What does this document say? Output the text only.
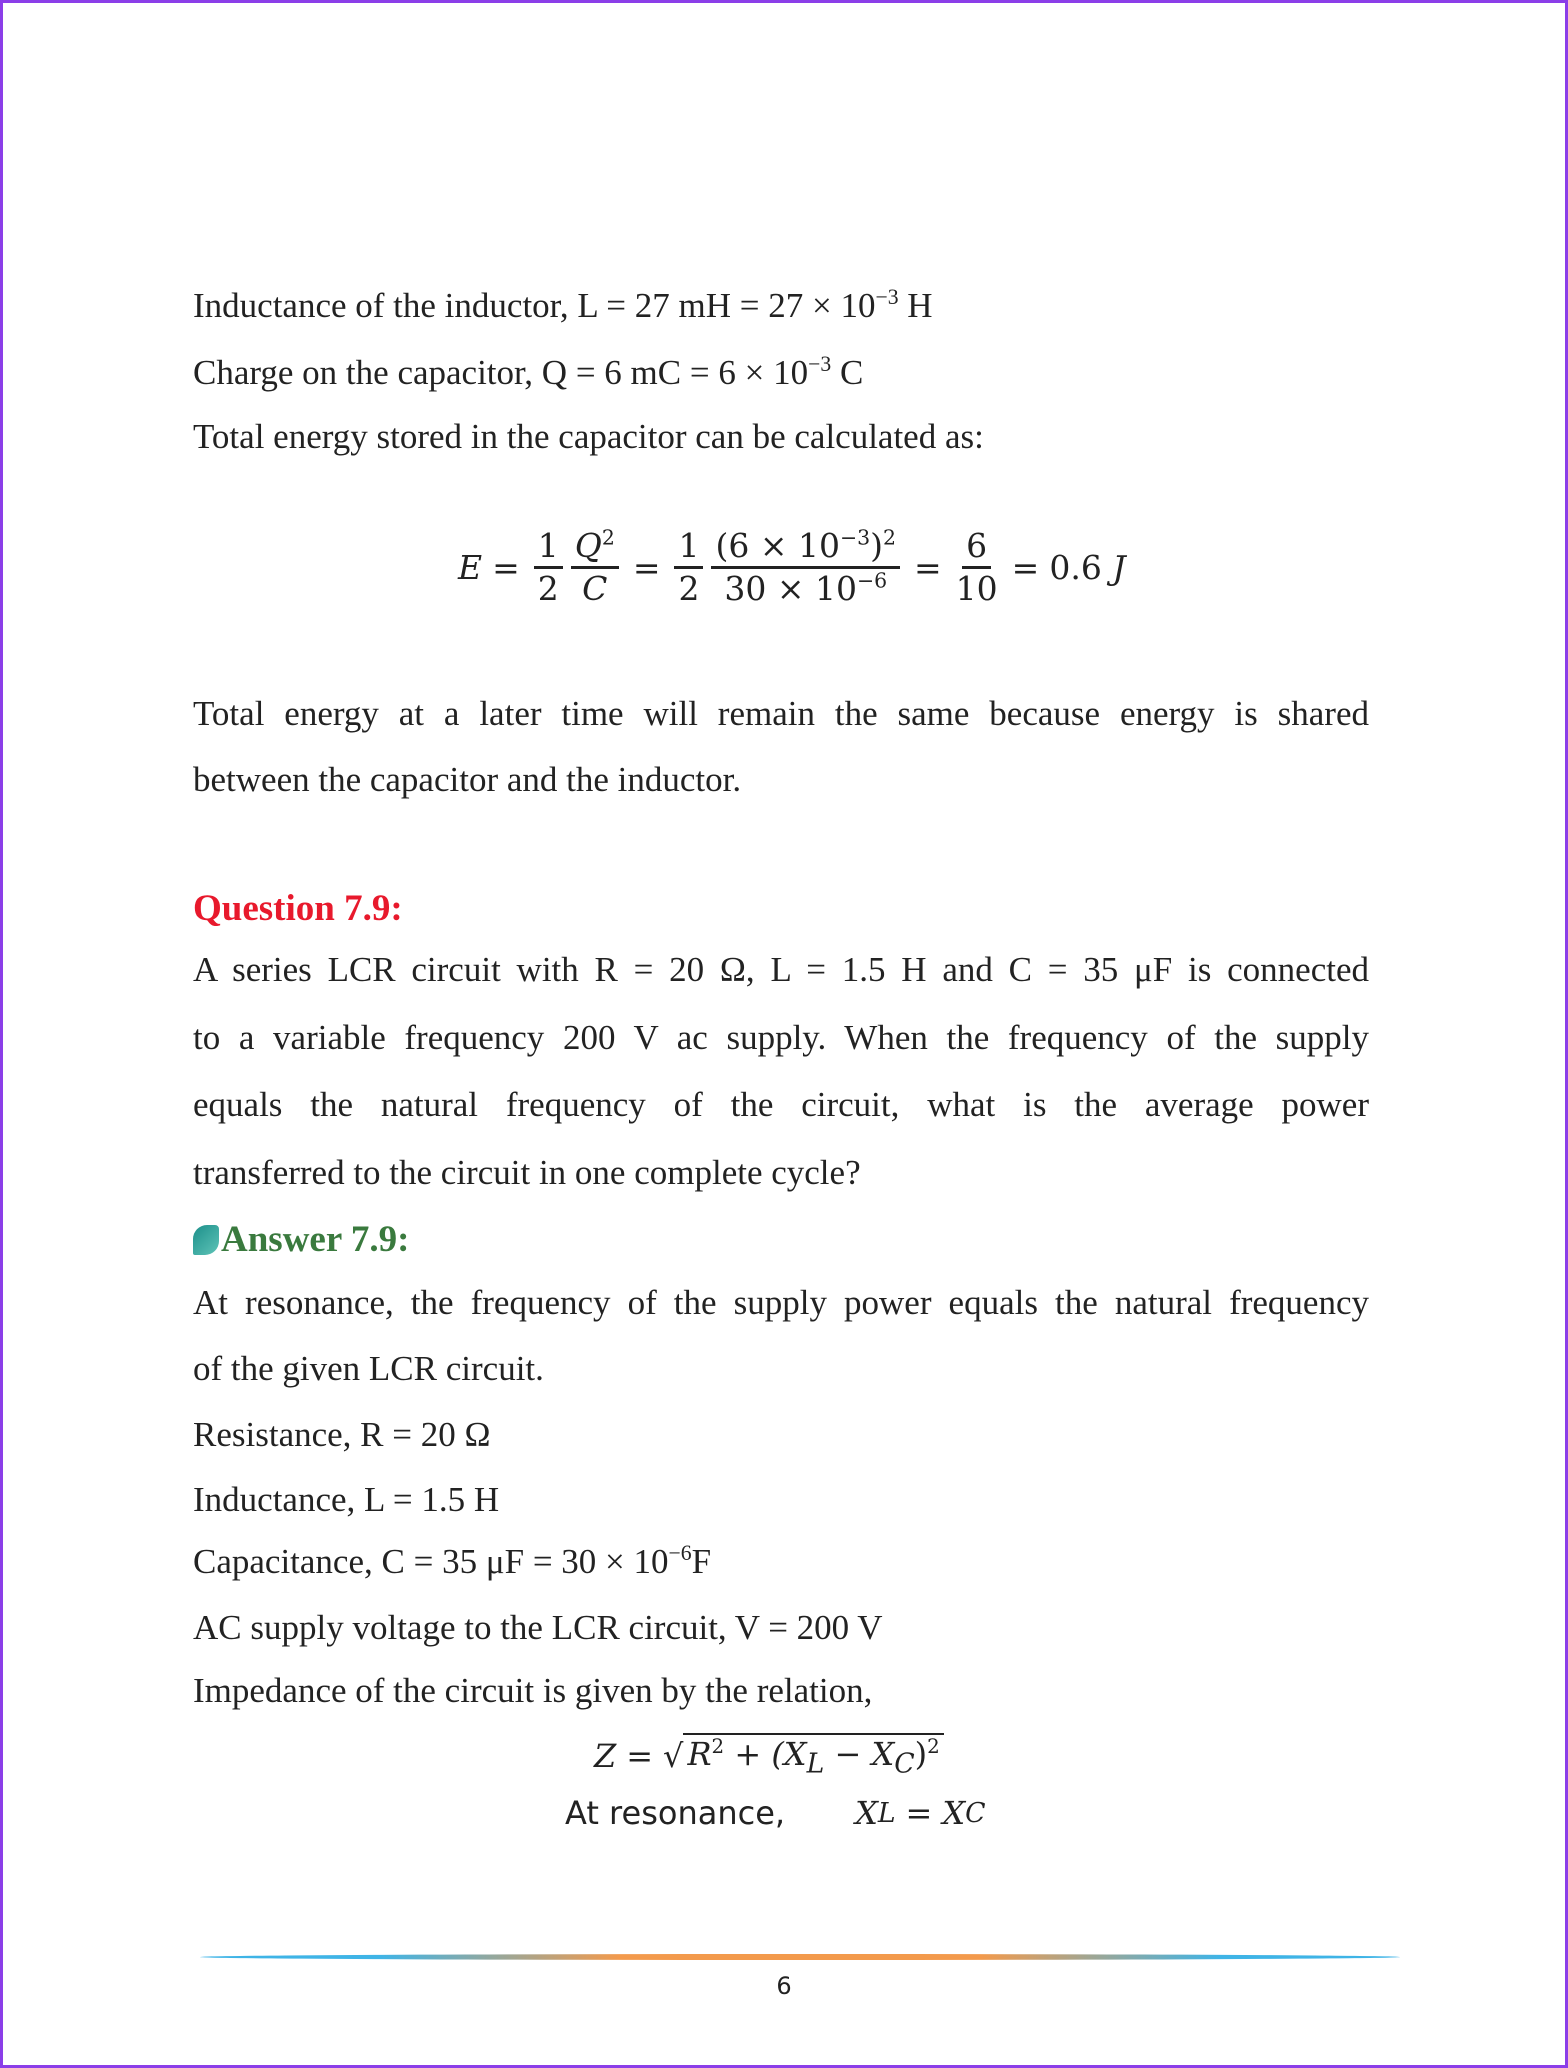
Inductance of the inductor, L = 27 mH = $27 \times 10^{-3}$ H
Charge on the capacitor, Q = 6 mC = $6 \times 10^{-3}$ C
Total energy stored in the capacitor can be calculated as:
$E = \frac{1}{2} \frac{Q^2}{C} = \frac{1}{2} \frac{(6 \times 10^{-3})^2}{30 \times 10^{-6}} = \frac{6}{10} = 0.6$
J
Total energy at a later time will remain the same because energy is shared
between the capacitor and the inductor.
Question 7.9:
A series LCR circuit with R = 20 Ω, L = 1.5 H and C = 35 μF is connected
to a variable frequency 200 V ac supply. When the frequency of the supply
equals the natural frequency of the circuit, what is the average power
transferred to the circuit in one complete cycle?
Answer 7.9:
At resonance, the frequency of the supply power equals the natural frequency
of the given LCR circuit.
Resistance, R = 20 Ω
Inductance, L = 1.5 H
Capacitance, C = 35 $\mu F = 30 \times 10^{-6}F$
AC supply voltage to the LCR circuit, V = 200 V
Impedance of the circuit is given by the relation,
Z = √ $R^2 + (X_L - X_C)^2$
At resonance, X L = X C
6
